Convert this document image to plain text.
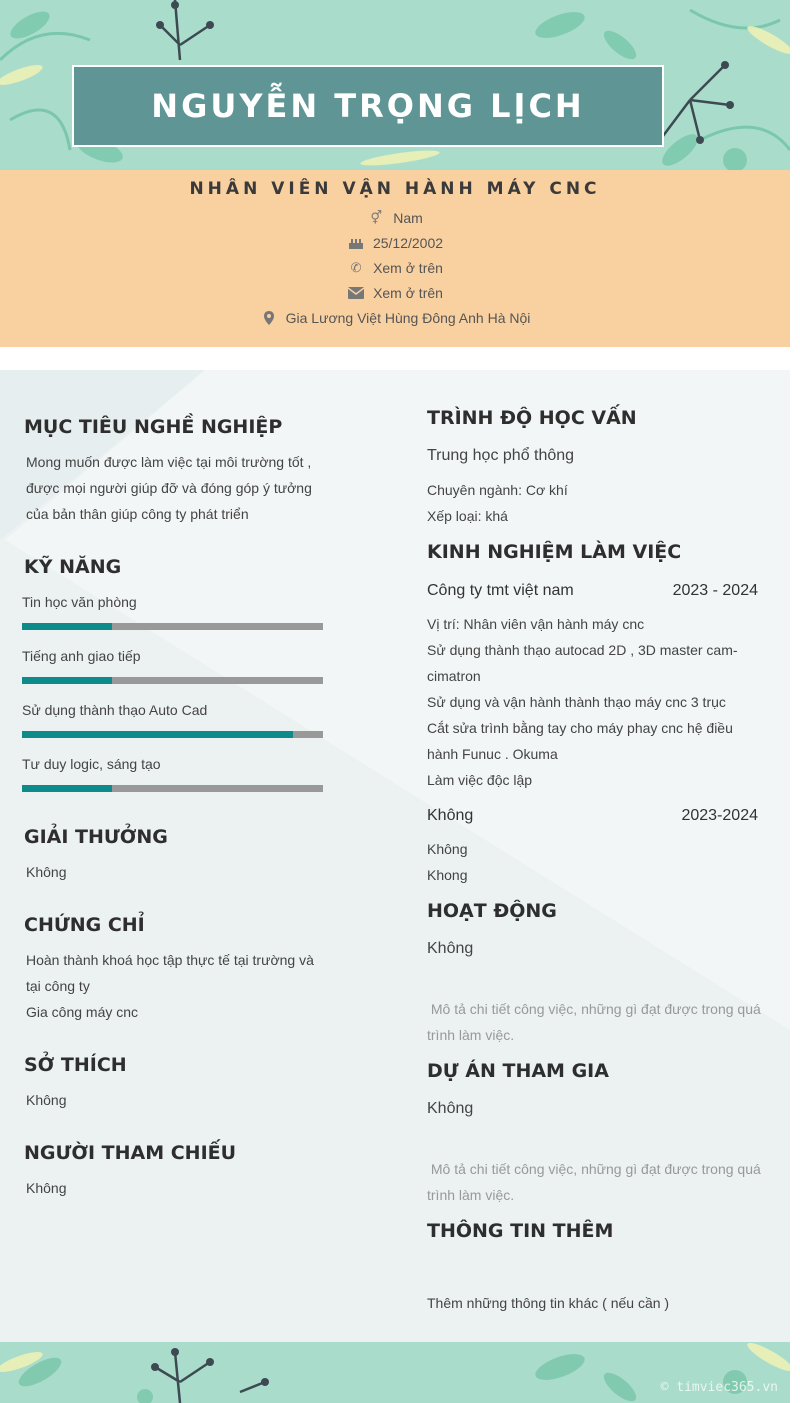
NGUYỄN TRỌNG LỊCH
NHÂN VIÊN VẬN HÀNH MÁY CNC
⚥ Nam
25/12/2002
✆ Xem ở trên
Xem ở trên
Gia Lương Việt Hùng Đông Anh Hà Nội
MỤC TIÊU NGHỀ NGHIỆP
Mong muốn được làm việc tại môi trường tốt ,
được mọi người giúp đỡ và đóng góp ý tưởng
của bản thân giúp công ty phát triển
KỸ NĂNG
Tin học văn phòng
Tiếng anh giao tiếp
Sử dụng thành thạo Auto Cad
Tư duy logic, sáng tạo
GIẢI THƯỞNG
Không
CHỨNG CHỈ
Hoàn thành khoá học tập thực tế tại trường và
tại công ty
Gia công máy cnc
SỞ THÍCH
Không
NGƯỜI THAM CHIẾU
Không
TRÌNH ĐỘ HỌC VẤN
Trung học phổ thông
Chuyên ngành: Cơ khí
Xếp loại: khá
KINH NGHIỆM LÀM VIỆC
Công ty tmt việt nam	2023 - 2024
Vị trí: Nhân viên vận hành máy cnc
Sử dụng thành thạo autocad 2D , 3D master cam-
cimatron
Sử dụng và vận hành thành thạo máy cnc 3 trục
Cắt sửa trình bằng tay cho máy phay cnc hệ điều
hành Funuc . Okuma
Làm việc độc lập
Không	2023-2024
Không
Khong
HOẠT ĐỘNG
Không
Mô tả chi tiết công việc, những gì đạt được trong quá
trình làm việc.
DỰ ÁN THAM GIA
Không
Mô tả chi tiết công việc, những gì đạt được trong quá
trình làm việc.
THÔNG TIN THÊM
Thêm những thông tin khác ( nếu cần )
© timviec365.vn
